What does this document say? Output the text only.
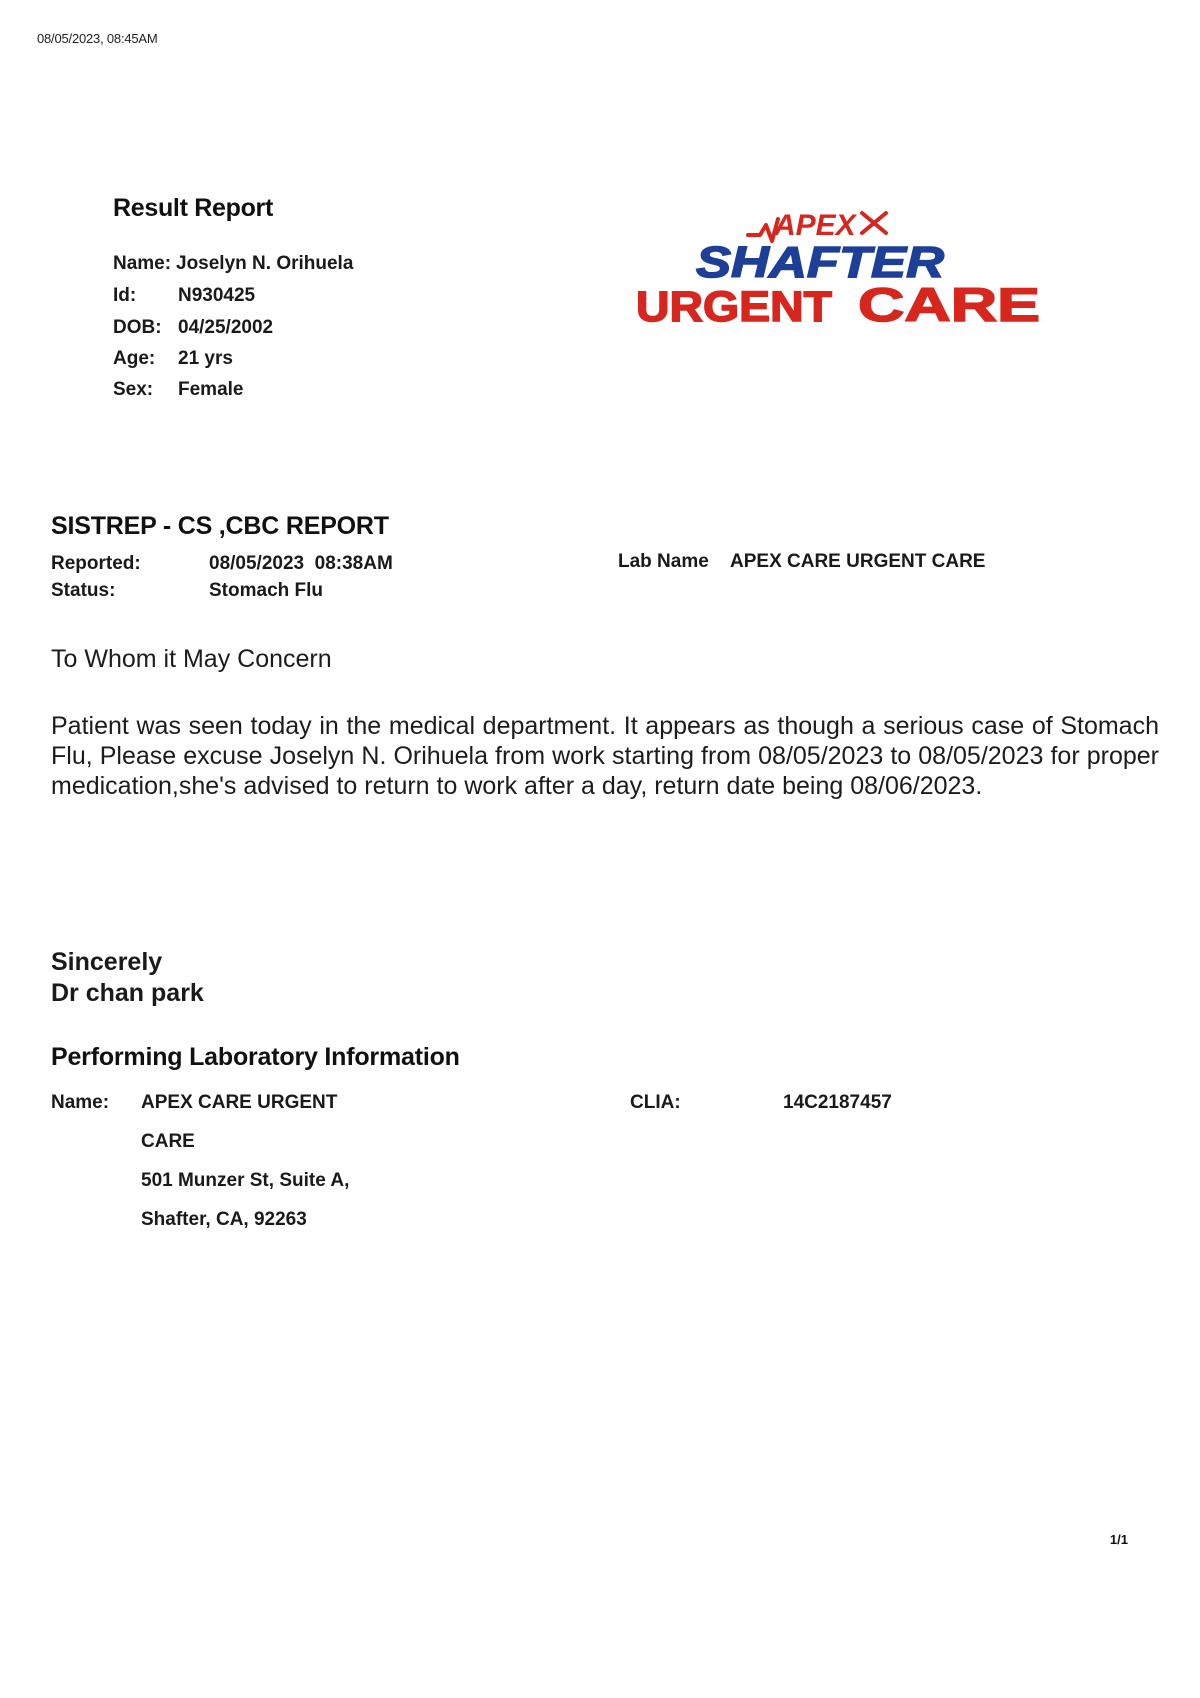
08/05/2023, 08:45AM
Result Report
Name: Joselyn N. Orihuela
Id: N930425
DOB: 04/25/2002
Age: 21 yrs
Sex: Female
APEX
SHAFTER
URGENT CARE
SISTREP - CS ,CBC REPORT
Reported:	08/05/2023  08:38AM
Status:	Stomach Flu
Lab Name APEX CARE URGENT CARE
To Whom it May Concern
Patient was seen today in the medical department. It appears as though a serious case of Stomach Flu, Please excuse Joselyn N. Orihuela from work starting from 08/05/2023 to 08/05/2023 for proper medication,she's advised to return to work after a day, return date being 08/06/2023.
Sincerely
Dr chan park
Performing Laboratory Information
Name: APEX CARE URGENT
CARE
501 Munzer St, Suite A,
Shafter, CA, 92263
CLIA:	14C2187457
1/1
